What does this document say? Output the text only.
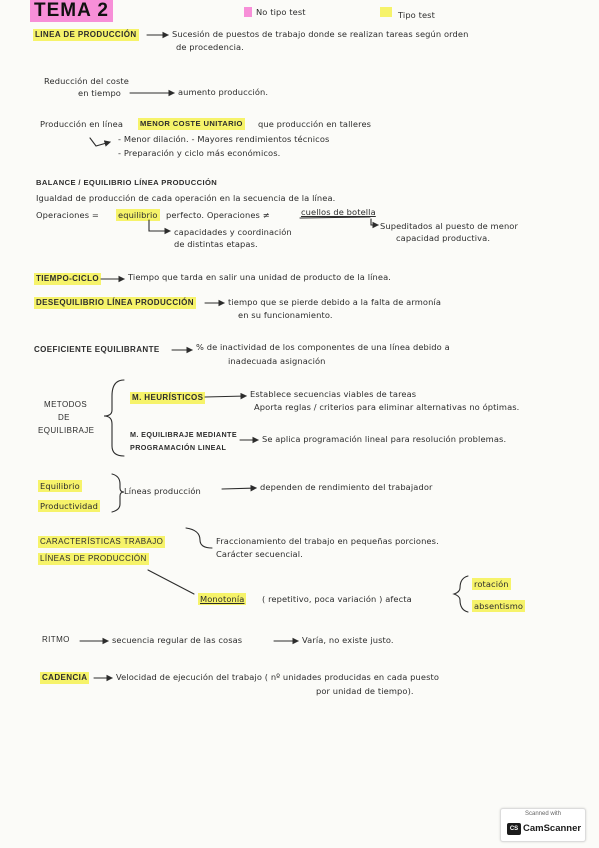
TEMA 2	No tipo test	Tipo test
LINEA DE PRODUCCIÓN	Sucesión de puestos de trabajo donde se realizan tareas según orden
de procedencia.
Reducción del coste
en tiempo	aumento producción.
Producción en línea MENOR COSTE UNITARIO que producción en talleres
- Menor dilación. - Mayores rendimientos técnicos
- Preparación y ciclo más económicos.
BALANCE / EQUILIBRIO LÍNEA PRODUCCIÓN
Igualdad de producción de cada operación en la secuencia de la línea.
Operaciones = equilibrio perfecto. Operaciones ≠	cuellos de botella
capacidades y coordinación
de distintas etapas.
Supeditados al puesto de menor
capacidad productiva.
TIEMPO-CICLO	Tiempo que tarda en salir una unidad de producto de la línea.
DESEQUILIBRIO LÍNEA PRODUCCIÓN	tiempo que se pierde debido a la falta de armonía
en su funcionamiento.
COEFICIENTE EQUILIBRANTE	% de inactividad de los componentes de una línea debido a
inadecuada asignación
METODOS
DE
EQUILIBRAJE
M. HEURÍSTICOS	Establece secuencias viables de tareas
Aporta reglas / criterios para eliminar alternativas no óptimas.
M. EQUILIBRAJE MEDIANTE
PROGRAMACIÓN LINEAL
Se aplica programación lineal para resolución problemas.
Equilibrio
Productividad
Líneas producción	dependen de rendimiento del trabajador
CARACTERÍSTICAS TRABAJO
LÍNEAS DE PRODUCCIÓN
Fraccionamiento del trabajo en pequeñas porciones.
Carácter secuencial.
Monotonía ( repetitivo, poca variación ) afecta
rotación
absentismo
RITMO	secuencia regular de las cosas	Varía, no existe justo.
CADENCIA	Velocidad de ejecución del trabajo ( nº unidades producidas en cada puesto
por unidad de tiempo).
Scanned with
CS CamScanner
